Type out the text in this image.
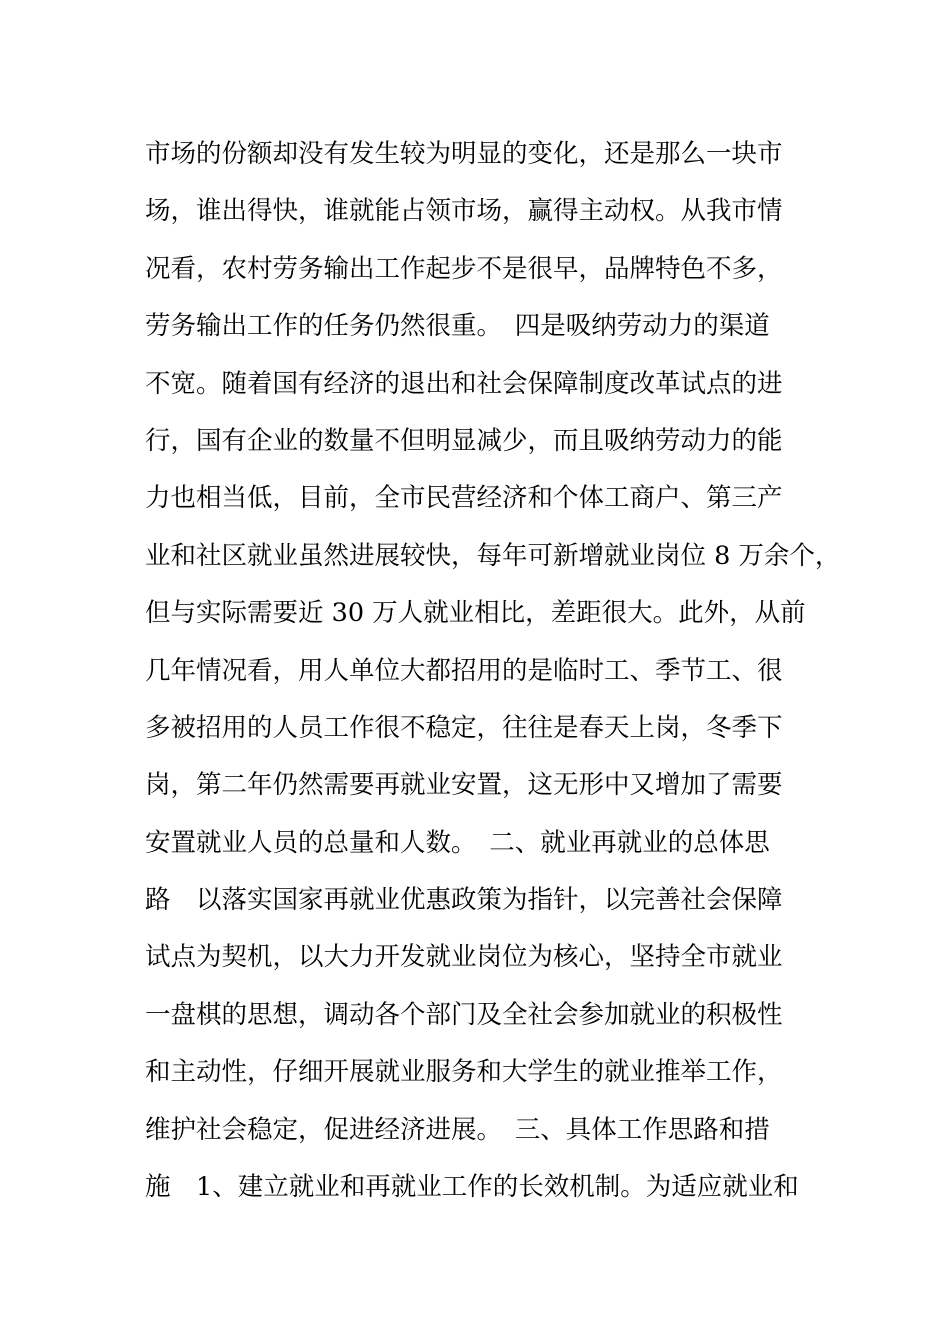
市场的份额却没有发生较为明显的变化，还是那么一块市
场，谁出得快，谁就能占领市场，赢得主动权。从我市情
况看，农村劳务输出工作起步不是很早，品牌特色不多，
劳务输出工作的任务仍然很重。　四是吸纳劳动力的渠道
不宽。随着国有经济的退出和社会保障制度改革试点的进
行，国有企业的数量不但明显减少，而且吸纳劳动力的能
力也相当低，目前，全市民营经济和个体工商户、第三产
业和社区就业虽然进展较快，每年可新增就业岗位 8 万余个，
但与实际需要近 30 万人就业相比，差距很大。此外，从前
几年情况看，用人单位大都招用的是临时工、季节工、很
多被招用的人员工作很不稳定，往往是春天上岗，冬季下
岗，第二年仍然需要再就业安置，这无形中又增加了需要
安置就业人员的总量和人数。　二、就业再就业的总体思
路　以落实国家再就业优惠政策为指针，以完善社会保障
试点为契机，以大力开发就业岗位为核心，坚持全市就业
一盘棋的思想，调动各个部门及全社会参加就业的积极性
和主动性，仔细开展就业服务和大学生的就业推举工作，
维护社会稳定，促进经济进展。　三、具体工作思路和措
施　1、建立就业和再就业工作的长效机制。为适应就业和
